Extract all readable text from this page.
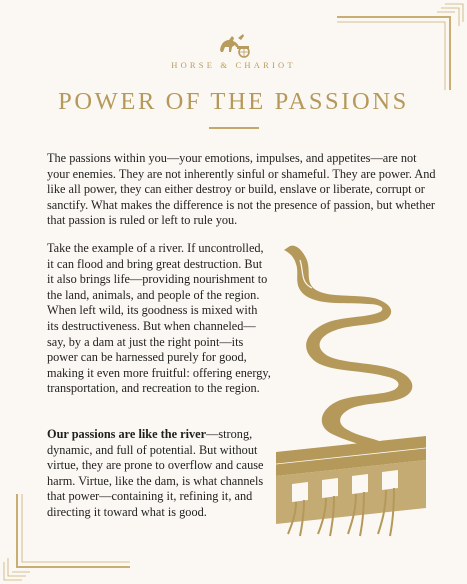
HORSE & CHARIOT
POWER OF THE PASSIONS

The passions within you—your emotions, impulses, and appetites—are not your enemies. They are not inherently sinful or shameful. They are power. And like all power, they can either destroy or build, enslave or liberate, corrupt or sanctify. What makes the difference is not the presence of passion, but whether that passion is ruled or left to rule you.

Take the example of a river. If uncontrolled, it can flood and bring great destruction. But it also brings life—providing nourishment to the land, animals, and people of the region. When left wild, its goodness is mixed with its destructiveness. But when channeled—say, by a dam at just the right point—its power can be harnessed purely for good, making it even more fruitful: offering energy, transportation, and recreation to the region.

Our passions are like the river—strong, dynamic, and full of potential. But without virtue, they are prone to overflow and cause harm. Virtue, like the dam, is what channels that power—containing it, refining it, and directing it toward what is good.
